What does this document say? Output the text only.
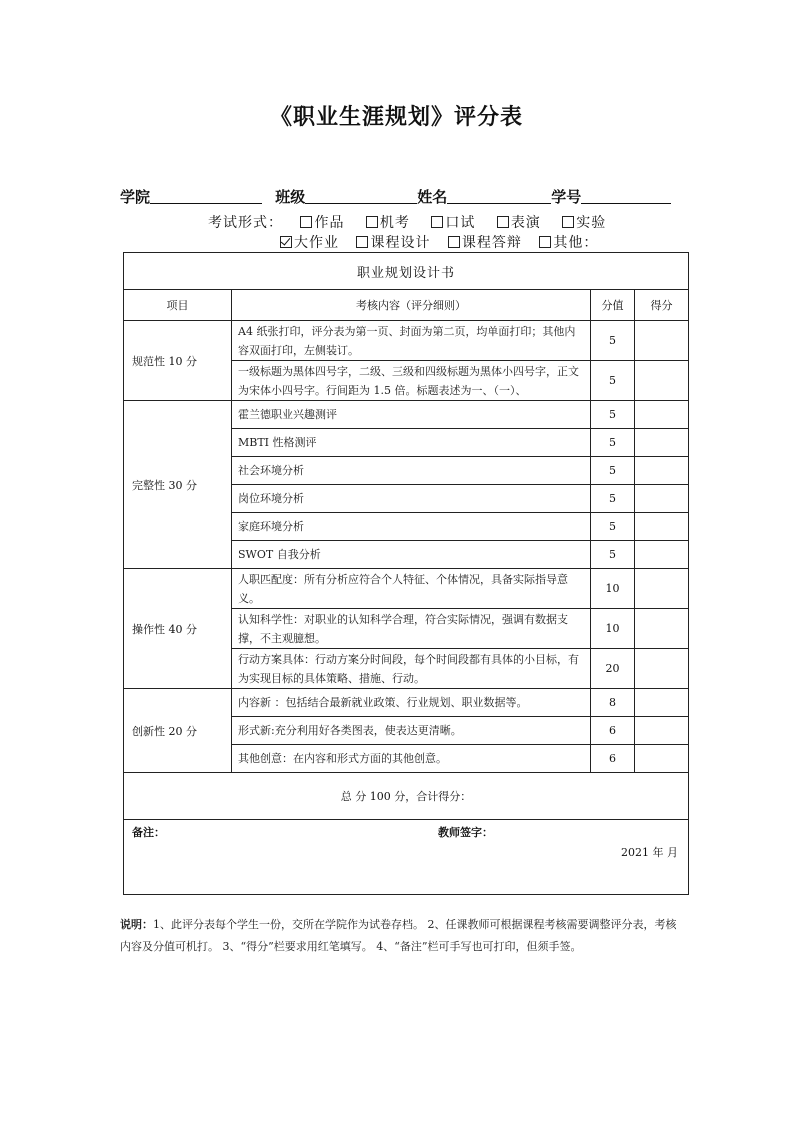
《职业生涯规划》评分表
学院	班级	姓名	学号
考试形式： 作品	机考	口试	表演	实验
大作业 课程设计 课程答辩 其他：
职业规划设计书			
项目	考核内容（评分细则）	分值	得分
规范性 10 分	A4 纸张打印，评分表为第一页、封面为第二页，均单面打印；其他内容双面打印，左侧装订。	5	

	一级标题为黑体四号字，二级、三级和四级标题为黑体小四号字，正文为宋体小四号字。行间距为 1.5 倍。标题表述为一、（一）、	5	
完整性 30 分	霍兰德职业兴趣测评	5	
	MBTI 性格测评	5	
	社会环境分析	5	
	岗位环境分析	5	
	家庭环境分析	5	
	SWOT 自我分析	5	
操作性 40 分	人职匹配度：所有分析应符合个人特征、个体情况，具备实际指导意义。	10	
	认知科学性：对职业的认知科学合理，符合实际情况，强调有数据支撑，不主观臆想。	10	
	行动方案具体：行动方案分时间段，每个时间段都有具体的小目标，有为实现目标的具体策略、措施、行动。	20	
创新性 20 分	内容新 ：包括结合最新就业政策、行业规划、职业数据等。	8	
	形式新:充分利用好各类图表，使表达更清晰。	6	
	其他创意：在内容和形式方面的其他创意。	6	
总 分 100 分，合计得分：			

备注： 教师签字：
2021 年 月			
说明：1、此评分表每个学生一份，交所在学院作为试卷存档。 2、任课教师可根据课程考核需要调整评分表，考核内容及分值可机打。 3、“得分”栏要求用红笔填写。 4、“备注”栏可手写也可打印，但须手签。
